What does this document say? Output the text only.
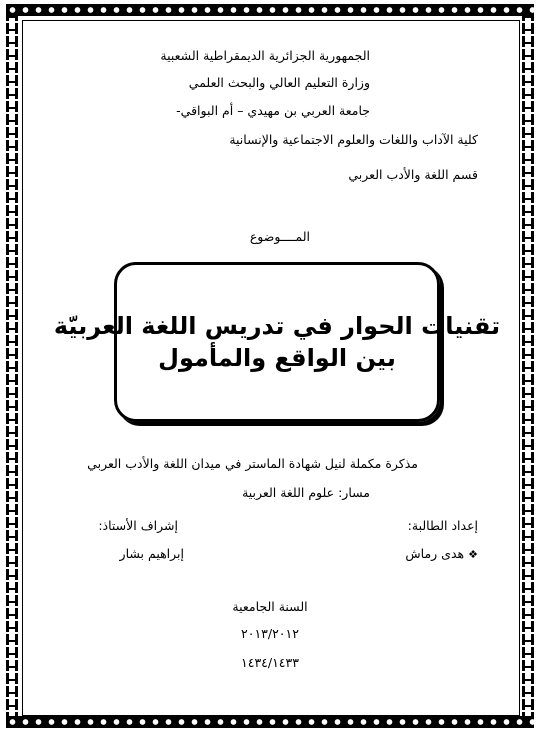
الجمهورية الجزائرية الديمقراطية الشعبية
وزارة التعليم العالي والبحث العلمي
جامعة العربي بن مهيدي – أم البواقي-
كلية الآداب واللغات والعلوم الاجتماعية والإنسانية
قسم اللغة والأدب العربي
المــــوضوع
تقنيات الحوار في تدريس اللغة العربيّة
بين الواقع والمأمول
مذكرة مكملة لنيل شهادة الماستر في ميدان اللغة والأدب العربي
مسار: علوم اللغة العربية
إعداد الطالبة:
إشراف الأستاذ:
❖هدى رماش
إبراهيم بشار
السنة الجامعية
٢٠١٣/٢٠١٢
١٤٣٤/١٤٣٣
